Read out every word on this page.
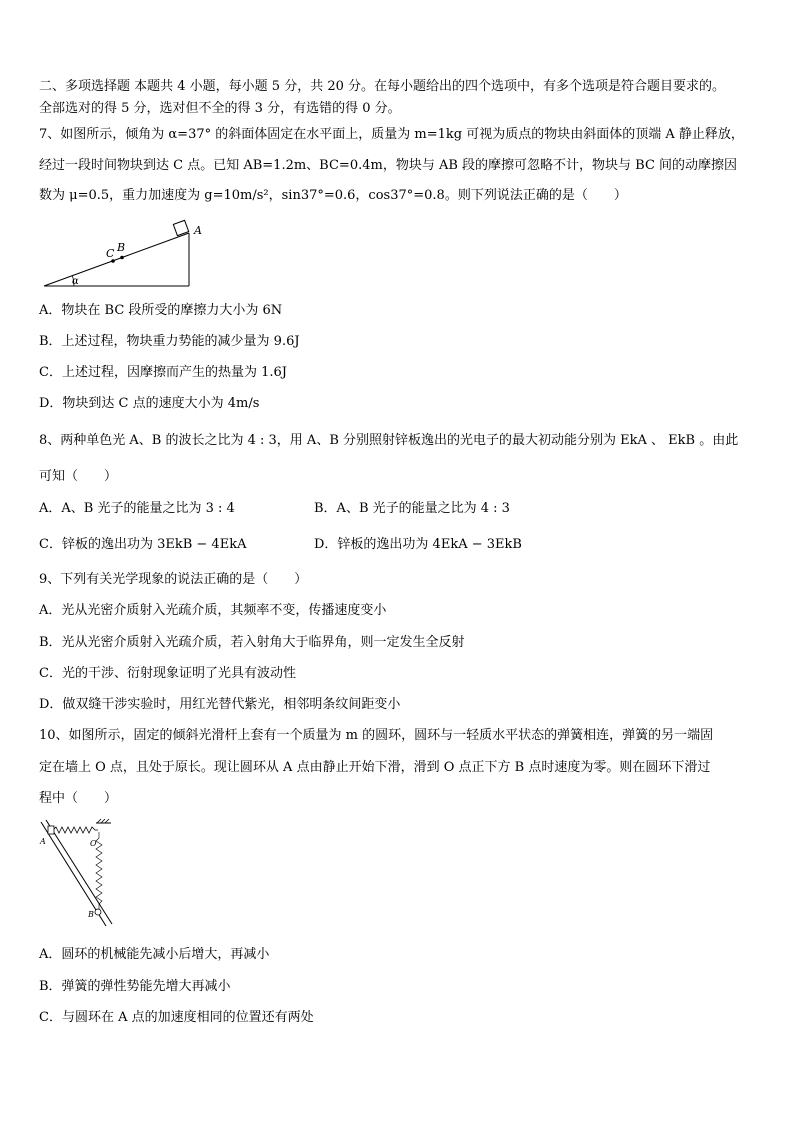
二、多项选择题 本题共 4 小题，每小题 5 分，共 20 分。在每小题给出的四个选项中，有多个选项是符合题目要求的。
全部选对的得 5 分，选对但不全的得 3 分，有选错的得 0 分。
7、如图所示，倾角为 α=37° 的斜面体固定在水平面上，质量为 m=1kg 可视为质点的物块由斜面体的顶端 A 静止释放，
经过一段时间物块到达 C 点。已知 AB=1.2m、BC=0.4m，物块与 AB 段的摩擦可忽略不计，物块与 BC 间的动摩擦因
数为 μ=0.5，重力加速度为 g=10m/s²，sin37°=0.6，cos37°=0.8。则下列说法正确的是（　　）
A
C B
α
A．物块在 BC 段所受的摩擦力大小为 6N
B．上述过程，物块重力势能的减少量为 9.6J
C．上述过程，因摩擦而产生的热量为 1.6J
D．物块到达 C 点的速度大小为 4m/s
8、两种单色光 A、B 的波长之比为 4 : 3，用 A、B 分别照射锌板逸出的光电子的最大初动能分别为 EkA 、 EkB 。由此
可知（　　）
A．A、B 光子的能量之比为 3 : 4	B．A、B 光子的能量之比为 4 : 3
C．锌板的逸出功为 3EkB − 4EkA	D．锌板的逸出功为 4EkA − 3EkB
9、下列有关光学现象的说法正确的是（　　）
A．光从光密介质射入光疏介质，其频率不变，传播速度变小
B．光从光密介质射入光疏介质，若入射角大于临界角，则一定发生全反射
C．光的干涉、衍射现象证明了光具有波动性
D．做双缝干涉实验时，用红光替代紫光，相邻明条纹间距变小
10、如图所示，固定的倾斜光滑杆上套有一个质量为 m 的圆环，圆环与一轻质水平状态的弹簧相连，弹簧的另一端固
定在墙上 O 点，且处于原长。现让圆环从 A 点由静止开始下滑，滑到 O 点正下方 B 点时速度为零。则在圆环下滑过
程中（　　）
A	O
B
A．圆环的机械能先减小后增大，再减小
B．弹簧的弹性势能先增大再减小
C．与圆环在 A 点的加速度相同的位置还有两处
